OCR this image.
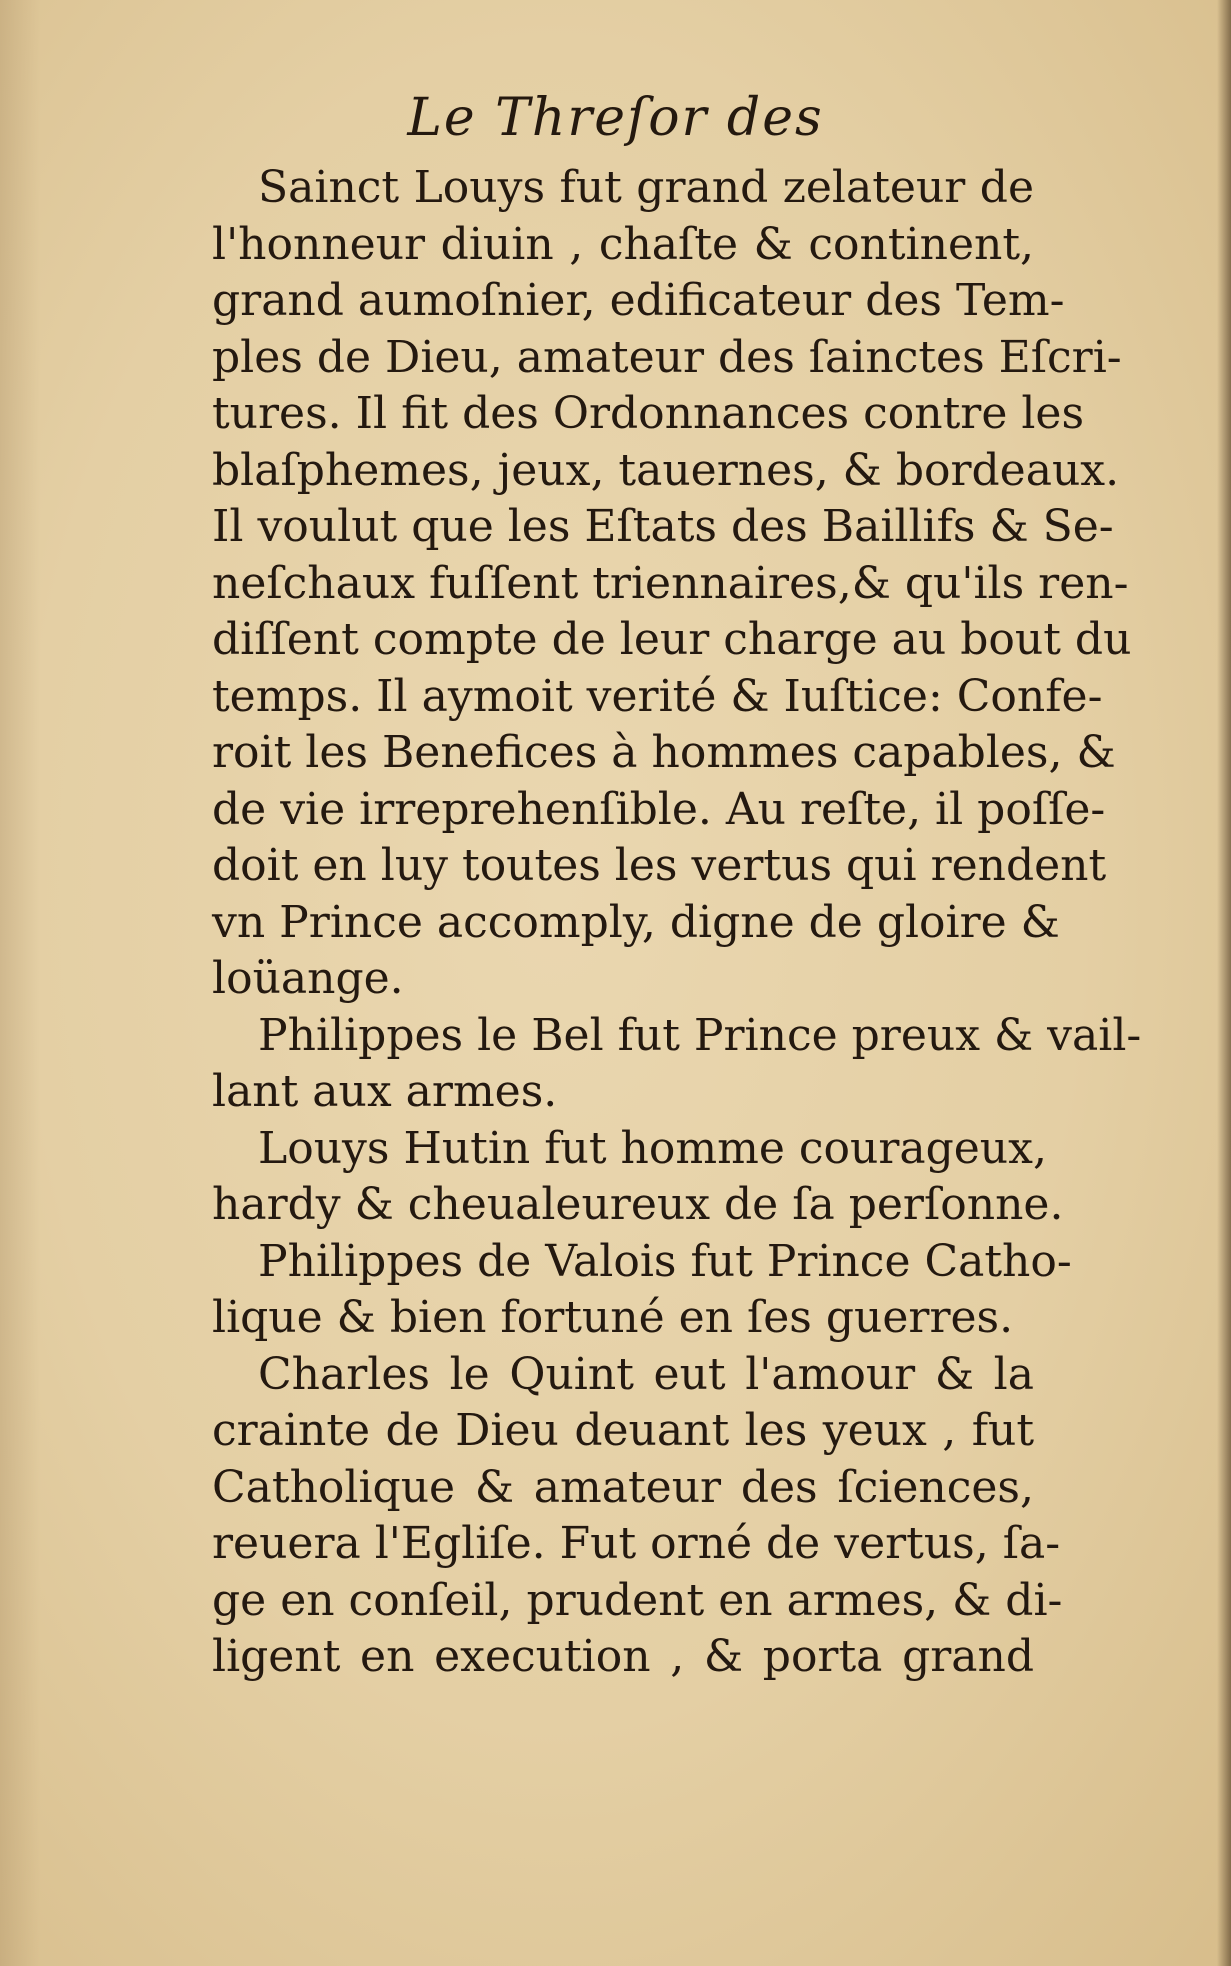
Le Threſor des
Sainct Louys fut grand zelateur de
l'honneur diuin , chaſte & continent,
grand aumoſnier, edificateur des Tem-
ples de Dieu, amateur des ſainctes Eſcri-
tures. Il fit des Ordonnances contre les
blaſphemes, jeux, tauernes, & bordeaux.
Il voulut que les Eſtats des Baillifs & Se-
neſchaux fuſſent triennaires,& qu'ils ren-
diſſent compte de leur charge au bout du
temps. Il aymoit verité & Iuſtice: Confe-
roit les Benefices à hommes capables, &
de vie irreprehenſible. Au reſte, il poſſe-
doit en luy toutes les vertus qui rendent
vn Prince accomply, digne de gloire &
loüange.
Philippes le Bel fut Prince preux & vail-
lant aux armes.
Louys Hutin fut homme courageux,
hardy & cheualeureux de ſa perſonne.
Philippes de Valois fut Prince Catho-
lique & bien fortuné en ſes guerres.
Charles le Quint eut l'amour & la
crainte de Dieu deuant les yeux , fut
Catholique & amateur des ſciences,
reuera l'Egliſe. Fut orné de vertus, ſa-
ge en conſeil, prudent en armes, & di-
ligent en execution , & porta grand
